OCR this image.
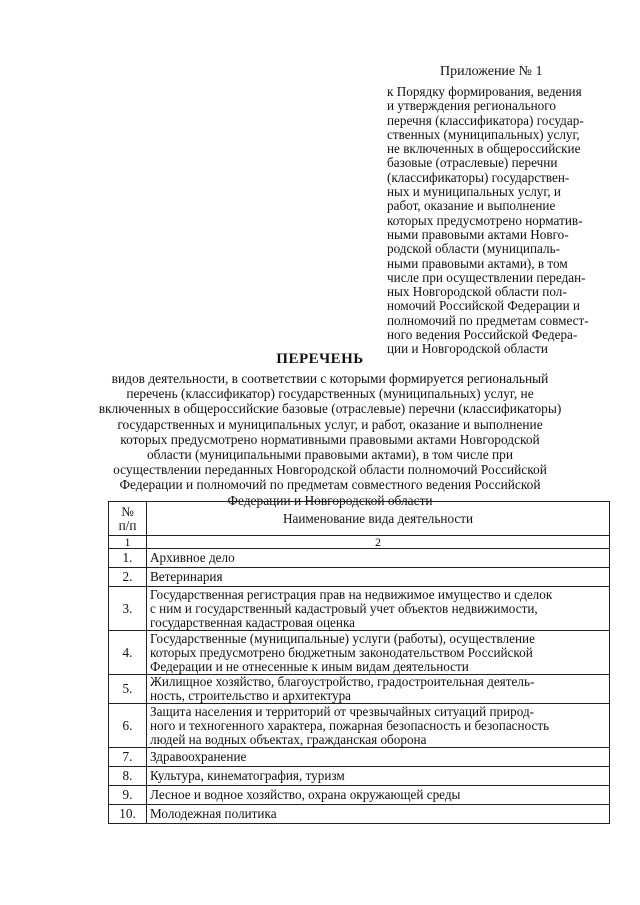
Приложение № 1
к Порядку формирования, ведения
и утверждения регионального
перечня (классификатора) государ-
ственных (муниципальных) услуг,
не включенных в общероссийские
базовые (отраслевые) перечни
(классификаторы) государствен-
ных и муниципальных услуг, и
работ, оказание и выполнение
которых предусмотрено норматив-
ными правовыми актами Новго-
родской области (муниципаль-
ными правовыми актами), в том
числе при осуществлении передан-
ных Новгородской области пол-
номочий Российской Федерации и
полномочий по предметам совмест-
ного ведения Российской Федера-
ции и Новгородской области
ПЕРЕЧЕНЬ
видов деятельности, в соответствии с которыми формируется региональный
перечень (классификатор) государственных (муниципальных) услуг, не
включенных в общероссийские базовые (отраслевые) перечни (классификаторы)
государственных и муниципальных услуг, и работ, оказание и выполнение
которых предусмотрено нормативными правовыми актами Новгородской
области (муниципальными правовыми актами), в том числе при
осуществлении переданных Новгородской области полномочий Российской
Федерации и полномочий по предметам совместного ведения Российской
Федерации и Новгородской области
№
п/п	Наименование вида деятельности
1	2
1.	Архивное дело

2.	Ветеринария

3.	Государственная регистрация прав на недвижимое имущество и сделок
с ним и государственный кадастровый учет объектов недвижимости,
государственная кадастровая оценка

4.	Государственные (муниципальные) услуги (работы), осуществление
которых предусмотрено бюджетным законодательством Российской
Федерации и не отнесенные к иным видам деятельности

5.	Жилищное хозяйство, благоустройство, градостроительная деятель-
ность, строительство и архитектура

6.	Защита населения и территорий от чрезвычайных ситуаций природ-
ного и техногенного характера, пожарная безопасность и безопасность
людей на водных объектах, гражданская оборона

7.	Здравоохранение

8.	Культура, кинематография, туризм

9.	Лесное и водное хозяйство, охрана окружающей среды

10.	Молодежная политика
